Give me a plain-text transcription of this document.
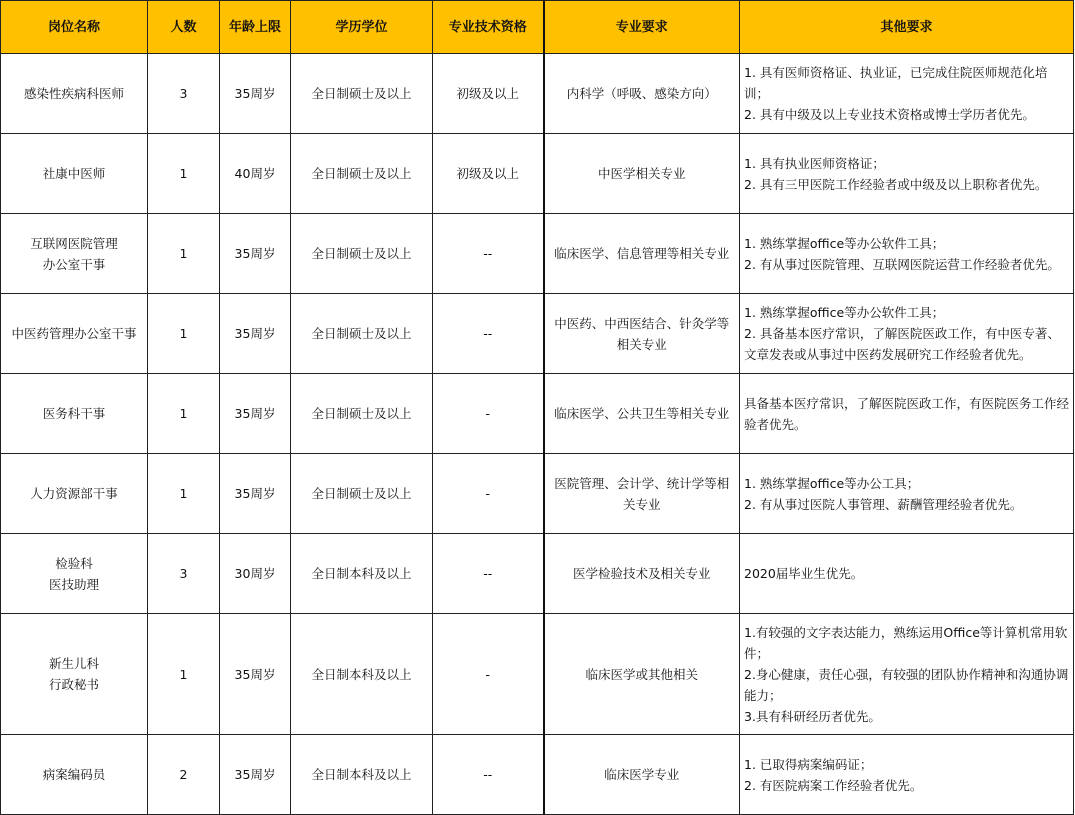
岗位名称	人数	年龄上限	学历学位	专业技术资格	专业要求	其他要求

感染性疾病科医师	3	35周岁	全日制硕士及以上	初级及以上	内科学（呼吸、感染方向）	1. 具有医师资格证、执业证，已完成住院医师规范化培训；
2. 具有中级及以上专业技术资格或博士学历者优先。

社康中医师	1	40周岁	全日制硕士及以上	初级及以上	中医学相关专业	1. 具有执业医师资格证；
2. 具有三甲医院工作经验者或中级及以上职称者优先。

互联网医院管理
办公室干事	1	35周岁	全日制硕士及以上	--	临床医学、信息管理等相关专业	1. 熟练掌握office等办公软件工具；
2. 有从事过医院管理、互联网医院运营工作经验者优先。

中医药管理办公室干事	1	35周岁	全日制硕士及以上	--	中医药、中西医结合、针灸学等相关专业	1. 熟练掌握office等办公软件工具；
2. 具备基本医疗常识，了解医院医政工作，有中医专著、文章发表或从事过中医药发展研究工作经验者优先。

医务科干事	1	35周岁	全日制硕士及以上	-	临床医学、公共卫生等相关专业	具备基本医疗常识，了解医院医政工作，有医院医务工作经验者优先。

人力资源部干事	1	35周岁	全日制硕士及以上	-	医院管理、会计学、统计学等相关专业	1. 熟练掌握office等办公工具；
2. 有从事过医院人事管理、薪酬管理经验者优先。

检验科
医技助理	3	30周岁	全日制本科及以上	--	医学检验技术及相关专业	2020届毕业生优先。

新生儿科
行政秘书	1	35周岁	全日制本科及以上	-	临床医学或其他相关	1.有较强的文字表达能力，熟练运用Office等计算机常用软件；
2.身心健康，责任心强，有较强的团队协作精神和沟通协调能力；
3.具有科研经历者优先。

病案编码员	2	35周岁	全日制本科及以上	--	临床医学专业	1. 已取得病案编码证；
2. 有医院病案工作经验者优先。
